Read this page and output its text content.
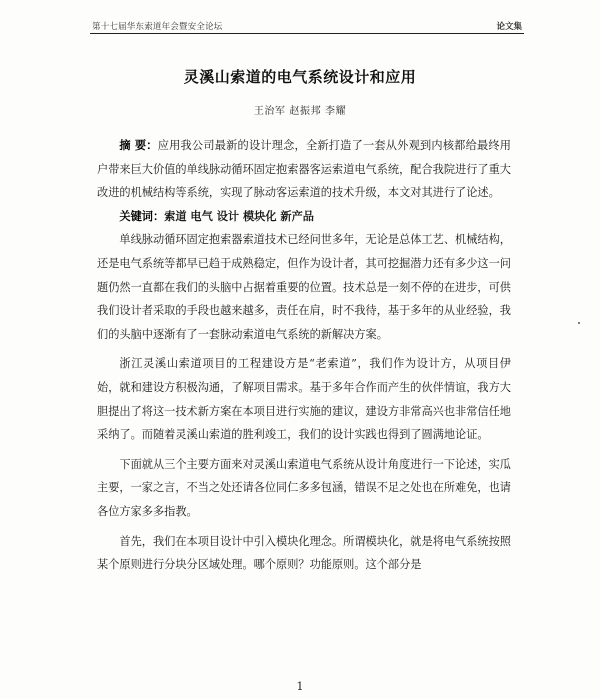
第十七届华东索道年会暨安全论坛	论文集
灵溪山索道的电气系统设计和应用
王治军 赵振邦 李耀

摘 要：应用我公司最新的设计理念，全新打造了一套从外观到内核都给最终用户带来巨大价值的单线脉动循环固定抱索器客运索道电气系统，配合我院进行了重大改进的机械结构等系统，实现了脉动客运索道的技术升级，本文对其进行了论述。

关键词：索道 电气 设计 模块化 新产品

单线脉动循环固定抱索器索道技术已经问世多年，无论是总体工艺、机械结构，还是电气系统等都早已趋于成熟稳定，但作为设计者，其可挖掘潜力还有多少这一问题仍然一直都在我们的头脑中占据着重要的位置。技术总是一刻不停的在进步，可供我们设计者采取的手段也越来越多，责任在肩，时不我待，基于多年的从业经验，我们的头脑中逐渐有了一套脉动索道电气系统的新解决方案。

浙江灵溪山索道项目的工程建设方是“老索道”，我们作为设计方，从项目伊始，就和建设方积极沟通，了解项目需求。基于多年合作而产生的伙伴情谊，我方大胆提出了将这一技术新方案在本项目进行实施的建议，建设方非常高兴也非常信任地采纳了。而随着灵溪山索道的胜利竣工，我们的设计实践也得到了圆满地论证。

下面就从三个主要方面来对灵溪山索道电气系统从设计角度进行一下论述，实瓜主要，一家之言，不当之处还请各位同仁多多包涵，错误不足之处也在所难免，也请各位方家多多指教。

首先，我们在本项目设计中引入模块化理念。所谓模块化，就是将电气系统按照某个原则进行分块分区域处理。哪个原则？功能原则。这个部分是

1
